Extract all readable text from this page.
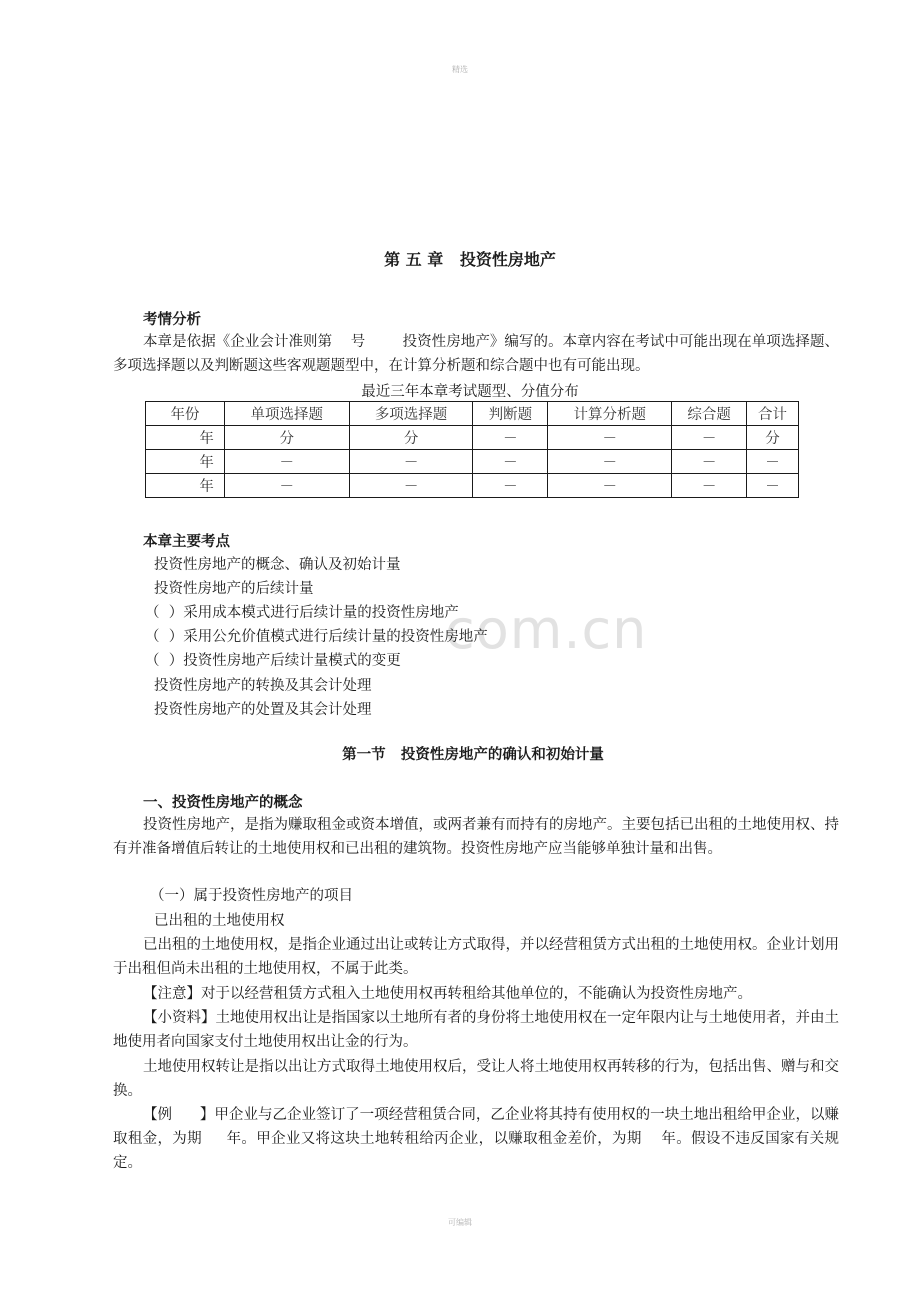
精选
com.cn
第 五 章   投资性房地产
考情分析
本章是依据《企业会计准则第    号        投资性房地产》编写的。本章内容在考试中可能出现在单项选择题、多项选择题以及判断题这些客观题题型中，在计算分析题和综合题中也有可能出现。
最近三年本章考试题型、分值分布
年份	单项选择题	多项选择题	判断题	计算分析题	综合题	合计
年	分	分	－	－	－	分
年	－	－	－	－	－	－
年	－	－	－	－	－	－
本章主要考点
投资性房地产的概念、确认及初始计量
投资性房地产的后续计量
（  ）采用成本模式进行后续计量的投资性房地产
（  ）采用公允价值模式进行后续计量的投资性房地产
（  ）投资性房地产后续计量模式的变更
投资性房地产的转换及其会计处理
投资性房地产的处置及其会计处理
第一节   投资性房地产的确认和初始计量
一、投资性房地产的概念
投资性房地产，是指为赚取租金或资本增值，或两者兼有而持有的房地产。主要包括已出租的土地使用权、持有并准备增值后转让的土地使用权和已出租的建筑物。投资性房地产应当能够单独计量和出售。
（一）属于投资性房地产的项目
已出租的土地使用权
已出租的土地使用权，是指企业通过出让或转让方式取得，并以经营租赁方式出租的土地使用权。企业计划用于出租但尚未出租的土地使用权，不属于此类。
【注意】对于以经营租赁方式租入土地使用权再转租给其他单位的，不能确认为投资性房地产。
【小资料】土地使用权出让是指国家以土地所有者的身份将土地使用权在一定年限内让与土地使用者，并由土地使用者向国家支付土地使用权出让金的行为。
土地使用权转让是指以出让方式取得土地使用权后，受让人将土地使用权再转移的行为，包括出售、赠与和交换。
【例      】甲企业与乙企业签订了一项经营租赁合同，乙企业将其持有使用权的一块土地出租给甲企业，以赚取租金，为期     年。甲企业又将这块土地转租给丙企业，以赚取租金差价，为期    年。假设不违反国家有关规定。
可编辑
